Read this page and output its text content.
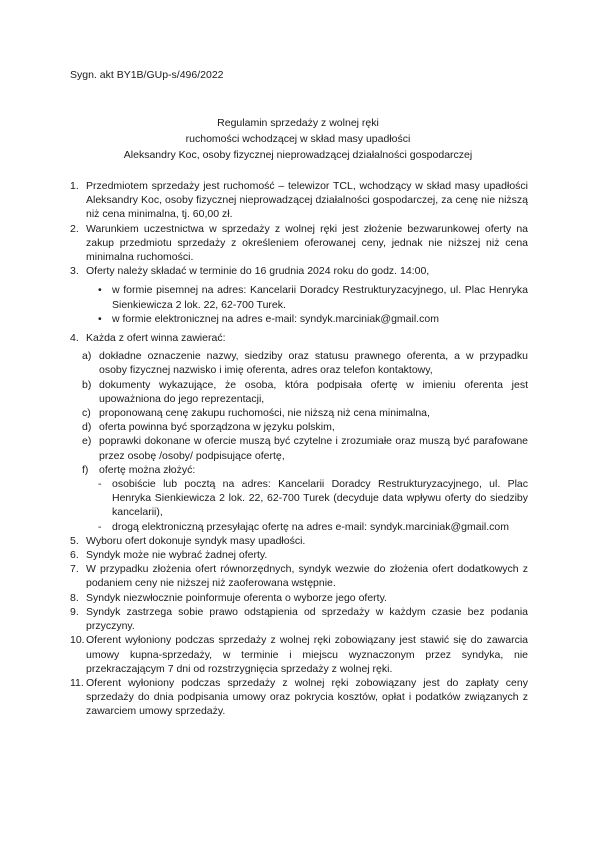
Sygn. akt BY1B/GUp-s/496/2022
Regulamin sprzedaży z wolnej ręki
ruchomości wchodzącej w skład masy upadłości
Aleksandry Koc, osoby fizycznej nieprowadzącej działalności gospodarczej
1. Przedmiotem sprzedaży jest ruchomość – telewizor TCL, wchodzący w skład masy upadłości Aleksandry Koc, osoby fizycznej nieprowadzącej działalności gospodarczej, za cenę nie niższą niż cena minimalna, tj. 60,00 zł.
2. Warunkiem uczestnictwa w sprzedaży z wolnej ręki jest złożenie bezwarunkowej oferty na zakup przedmiotu sprzedaży z określeniem oferowanej ceny, jednak nie niższej niż cena minimalna ruchomości.
3. Oferty należy składać w terminie do 16 grudnia 2024 roku do godz. 14:00,
• w formie pisemnej na adres: Kancelarii Doradcy Restrukturyzacyjnego, ul. Plac Henryka Sienkiewicza 2 lok. 22, 62-700 Turek.
• w formie elektronicznej na adres e-mail: syndyk.marciniak@gmail.com
4. Każda z ofert winna zawierać:
a) dokładne oznaczenie nazwy, siedziby oraz statusu prawnego oferenta, a w przypadku osoby fizycznej nazwisko i imię oferenta, adres oraz telefon kontaktowy,
b) dokumenty wykazujące, że osoba, która podpisała ofertę w imieniu oferenta jest upoważniona do jego reprezentacji,
c) proponowaną cenę zakupu ruchomości, nie niższą niż cena minimalna,
d) oferta powinna być sporządzona w języku polskim,
e) poprawki dokonane w ofercie muszą być czytelne i zrozumiałe oraz muszą być parafowane przez osobę /osoby/ podpisujące ofertę,
f)	ofertę można złożyć:
-	osobiście lub pocztą na adres: Kancelarii Doradcy Restrukturyzacyjnego, ul. Plac Henryka Sienkiewicza 2 lok. 22, 62-700 Turek (decyduje data wpływu oferty do siedziby kancelarii),
-	drogą elektroniczną przesyłając ofertę na adres e-mail: syndyk.marciniak@gmail.com
5. Wyboru ofert dokonuje syndyk masy upadłości.
6. Syndyk może nie wybrać żadnej oferty.
7. W przypadku złożenia ofert równorzędnych, syndyk wezwie do złożenia ofert dodatkowych z podaniem ceny nie niższej niż zaoferowana wstępnie.
8. Syndyk niezwłocznie poinformuje oferenta o wyborze jego oferty.
9. Syndyk zastrzega sobie prawo odstąpienia od sprzedaży w każdym czasie bez podania przyczyny.
10. Oferent wyłoniony podczas sprzedaży z wolnej ręki zobowiązany jest stawić się do zawarcia umowy kupna-sprzedaży, w terminie i miejscu wyznaczonym przez syndyka, nie przekraczającym 7 dni od rozstrzygnięcia sprzedaży z wolnej ręki.
11. Oferent wyłoniony podczas sprzedaży z wolnej ręki zobowiązany jest do zapłaty ceny sprzedaży do dnia podpisania umowy oraz pokrycia kosztów, opłat i podatków związanych z zawarciem umowy sprzedaży.
